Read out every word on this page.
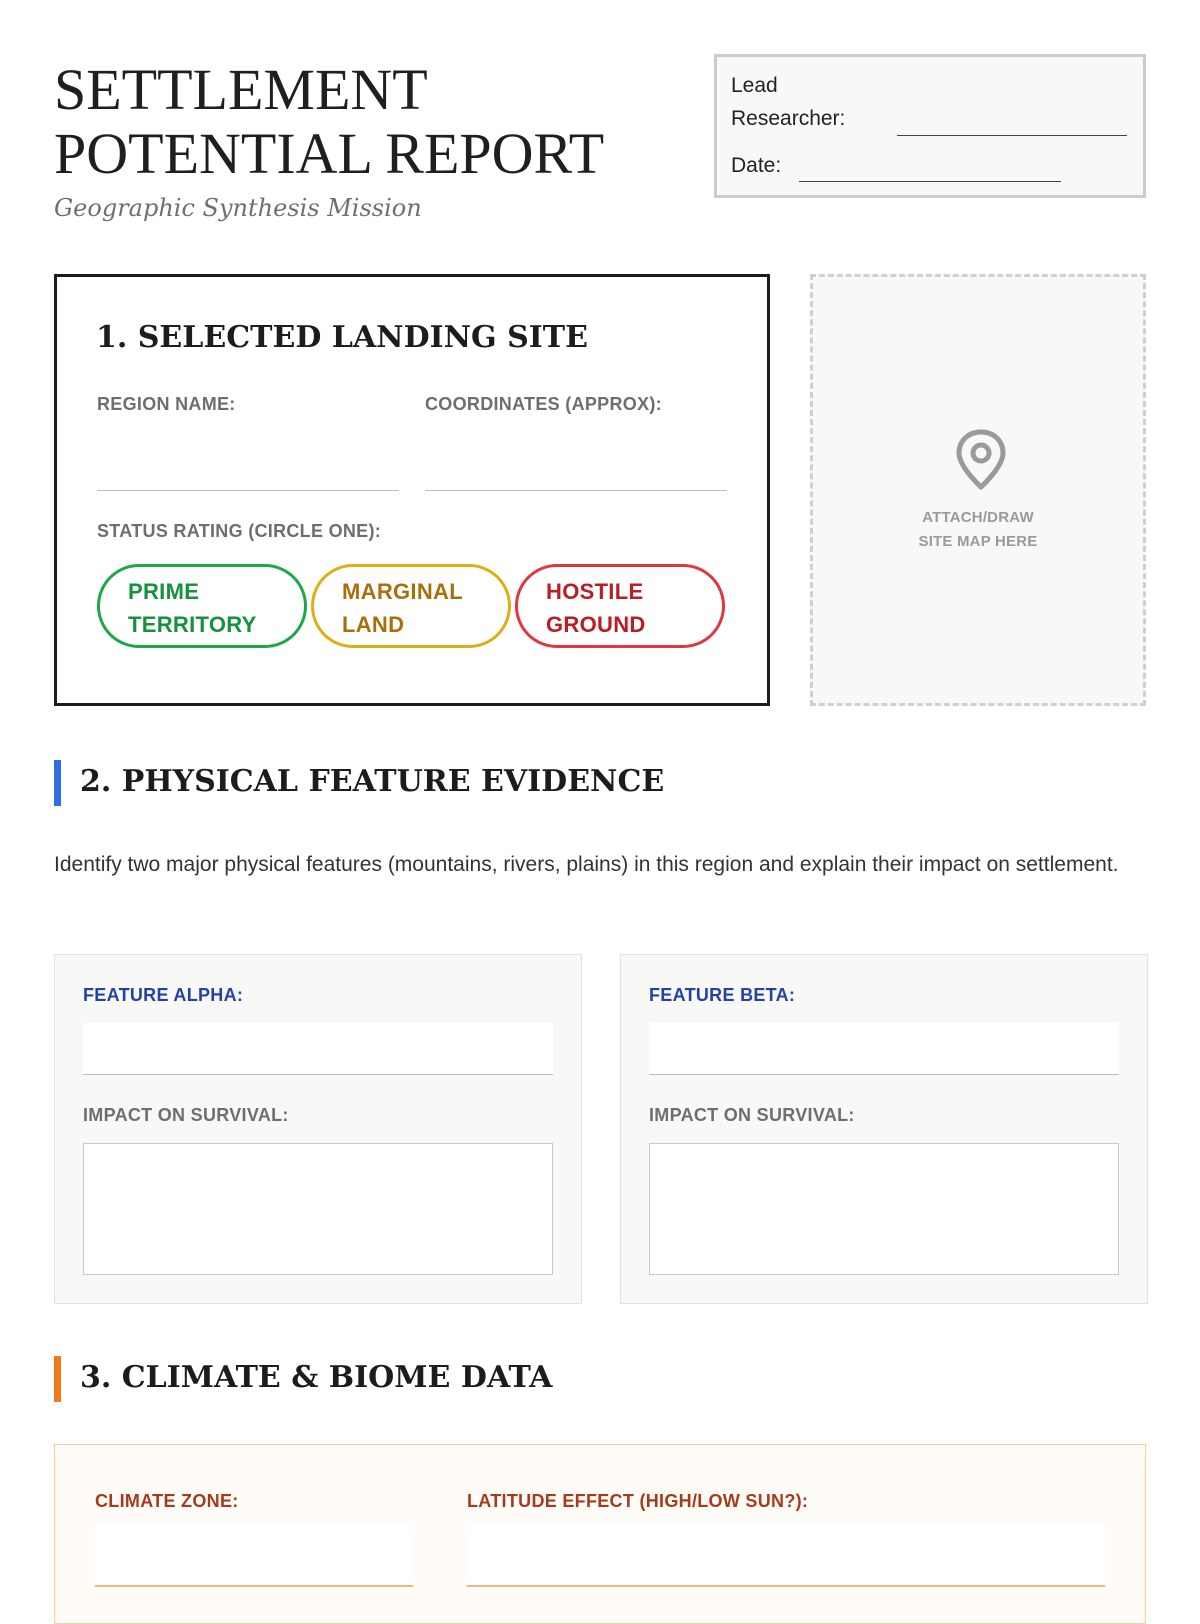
SETTLEMENT
POTENTIAL REPORT

Geographic Synthesis Mission

Lead
Researcher:
Date:
1. SELECTED LANDING SITE
REGION NAME:	COORDINATES (APPROX):
STATUS RATING (CIRCLE ONE):
PRIME
TERRITORY
MARGINAL
LAND
HOSTILE
GROUND
ATTACH/DRAW
SITE MAP HERE
2. PHYSICAL FEATURE EVIDENCE

Identify two major physical features (mountains, rivers, plains) in this region and explain their impact on settlement.

FEATURE ALPHA:
IMPACT ON SURVIVAL:
FEATURE BETA:
IMPACT ON SURVIVAL:
3. CLIMATE & BIOME DATA
CLIMATE ZONE:	LATITUDE EFFECT (HIGH/LOW SUN?):
